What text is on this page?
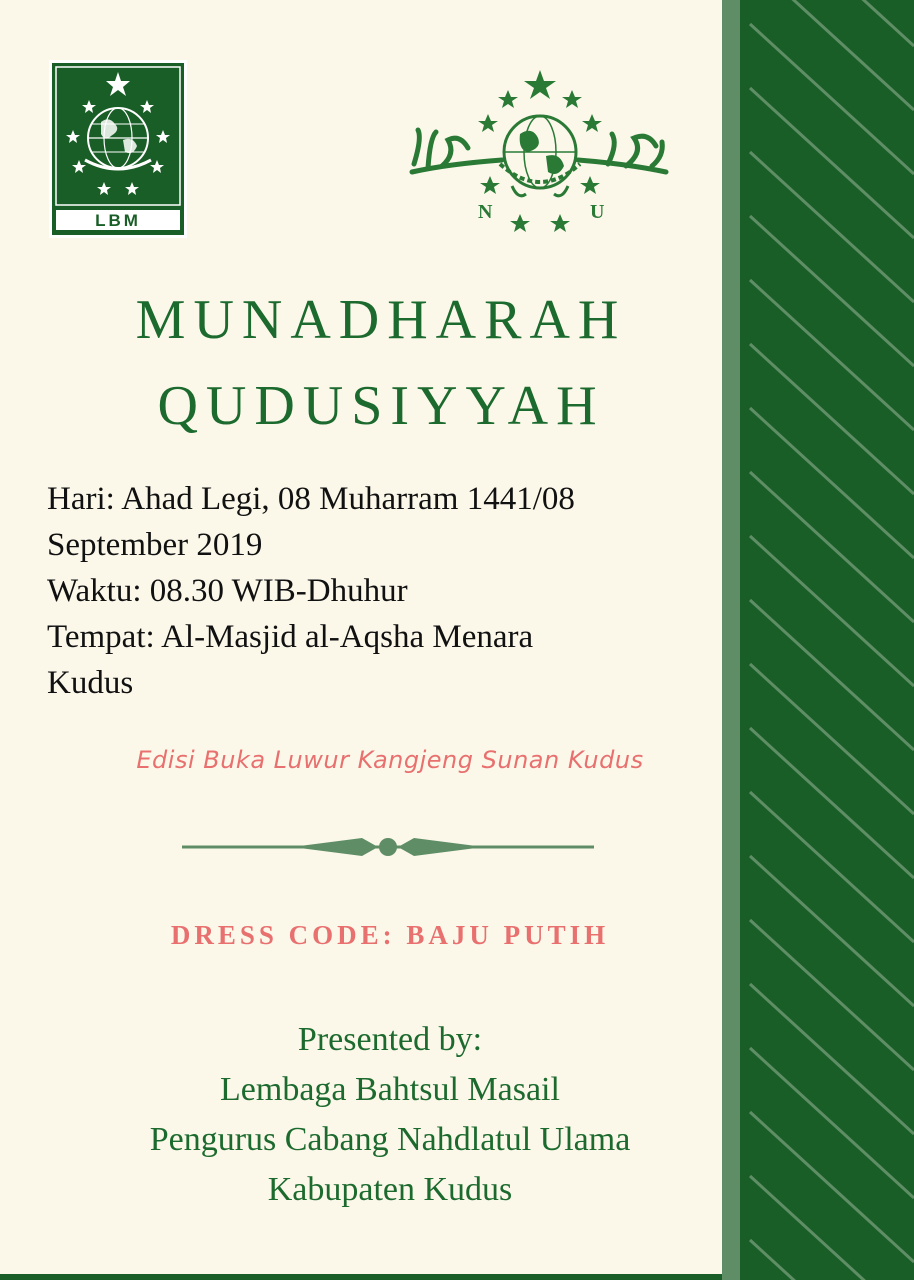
LBM	N	U
MUNADHARAH
QUDUSIYYAH

Hari: Ahad Legi, 08 Muharram 1441/08

September 2019

Waktu: 08.30 WIB-Dhuhur

Tempat: Al-Masjid al-Aqsha Menara

Kudus

Edisi Buka Luwur Kangjeng Sunan Kudus
DRESS CODE: BAJU PUTIH

Presented by:

Lembaga Bahtsul Masail

Pengurus Cabang Nahdlatul Ulama

Kabupaten Kudus
